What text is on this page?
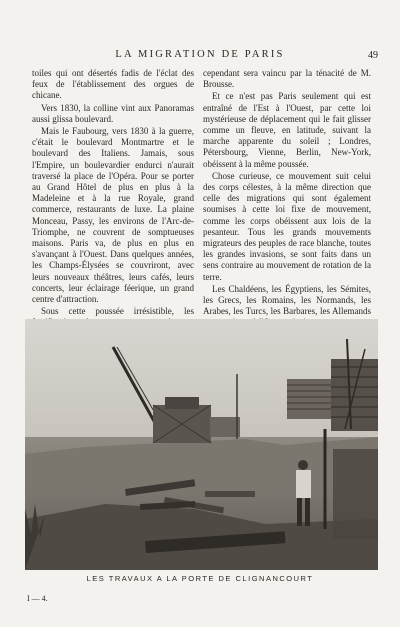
LA MIGRATION DE PARIS	49

toiles qui ont désertés fadis de l'éclat des feux de l'établissement des orgues de chicane.

Vers 1830, la colline vint aux Panoramas aussi glissa boulevard.

Mais le Faubourg, vers 1830 à la guerre, c'était le boulevard Montmartre et le boulevard des Italiens. Jamais, sous l'Empire, un boulevardier endurci n'aurait traversé la place de l'Opéra. Pour se porter au Grand Hôtel de plus en plus à la Madeleine et à la rue Royale, grand commerce, restaurants de luxe. La plaine Monceau, Passy, les environs de l'Arc-de-Triomphe, ne couvrent de somptueuses maisons. Paris va, de plus en plus en s'avançant à l'Ouest. Dans quelques années, les Champs-Élysées se couvriront, avec leurs nouveaux théâtres, leurs cafés, leurs concerts, leur éclairage féerique, un grand centre d'attraction.

Sous cette poussée irrésistible, les

cependant sera vaincu par la ténacité de M. Brousse.

Et ce n'est pas Paris seulement qui est entraîné de l'Est à l'Ouest, par cette loi mystérieuse de déplacement qui le fait glisser comme un fleuve, en latitude, suivant la marche apparente du soleil ; Londres, Pétersbourg, Vienne, Berlin, New-York, obéissent à la même poussée.

Chose curieuse, ce mouvement suit celui des corps célestes, à la même direction que celle des migrations qui sont également soumises à cette loi fixe de mouvement, comme les corps obéissent aux lois de la pesanteur. Tous les grands mouvements migrateurs des peuples de race blanche, toutes les grandes invasions, se sont faits dans un sens contraire au mouvement de rotation de la terre.

Les Chaldéens, les Égyptiens, les Sémites, les Grecs, les Romains, les Normands, les Arabes, les Turcs, les Barbares, les Allemands

LES TRAVAUX A LA PORTE DE CLIGNANCOURT
I — 4.
